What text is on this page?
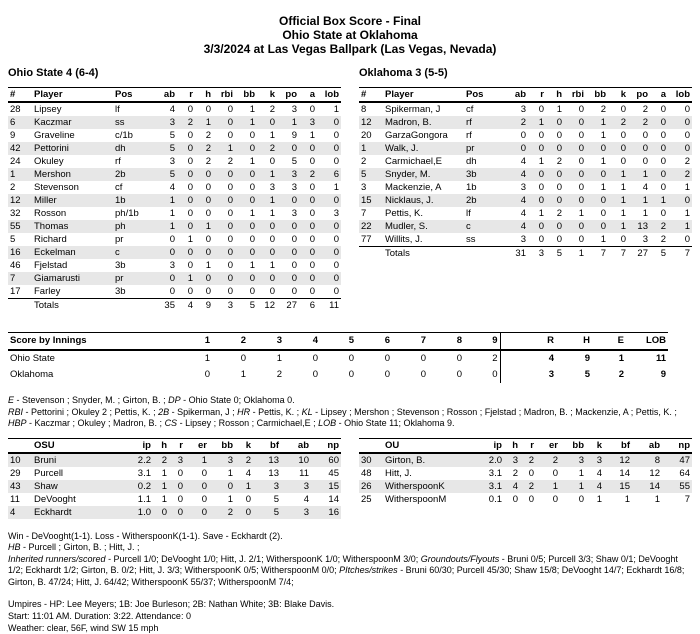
Official Box Score - Final
Ohio State at Oklahoma
3/3/2024 at Las Vegas Ballpark (Las Vegas, Nevada)

Ohio State 4 (6-4)

#	Player	Pos	ab	r	h	rbi	bb	k	po	a	lob
28	Lipsey	lf	4	0	0	0	1	2	3	0	1
6	Kaczmar	ss	3	2	1	0	1	0	1	3	0
9	Graveline	c/1b	5	0	2	0	0	1	9	1	0
42	Pettorini	dh	5	0	2	1	0	2	0	0	0
24	Okuley	rf	3	0	2	2	1	0	5	0	0
1	Mershon	2b	5	0	0	0	0	1	3	2	6
2	Stevenson	cf	4	0	0	0	0	3	3	0	1
12	Miller	1b	1	0	0	0	0	1	0	0	0
32	Rosson	ph/1b	1	0	0	0	1	1	3	0	3
55	Thomas	ph	1	0	1	0	0	0	0	0	0
5	Richard	pr	0	1	0	0	0	0	0	0	0
16	Eckelman	c	0	0	0	0	0	0	0	0	0
46	Fjelstad	3b	3	0	1	0	1	1	0	0	0
7	Giamarusti	pr	0	1	0	0	0	0	0	0	0
17	Farley	3b	0	0	0	0	0	0	0	0	0
	Totals		35	4	9	3	5	12	27	6	11

Oklahoma 3 (5-5)

#	Player	Pos	ab	r	h	rbi	bb	k	po	a	lob
8	Spikerman, J	cf	3	0	1	0	2	0	2	0	0
12	Madron, B.	rf	2	1	0	0	1	2	2	0	0
20	GarzaGongora	rf	0	0	0	0	1	0	0	0	0
1	Walk, J.	pr	0	0	0	0	0	0	0	0	0
2	Carmichael,E	dh	4	1	2	0	1	0	0	0	2
5	Snyder, M.	3b	4	0	0	0	0	1	1	0	2
3	Mackenzie, A	1b	3	0	0	0	1	1	4	0	1
15	Nicklaus, J.	2b	4	0	0	0	0	1	1	1	0
7	Pettis, K.	lf	4	1	2	1	0	1	1	0	1
22	Mudler, S.	c	4	0	0	0	0	1	13	2	1
77	Willits, J.	ss	3	0	0	0	1	0	3	2	0
	Totals		31	3	5	1	7	7	27	5	7
Score by Innings	1	2	3	4	5	6	7	8	9	R	H	E	LOB
Ohio State	1	0	1	0	0	0	0	0	2	4	9	1	11
Oklahoma	0	1	2	0	0	0	0	0	0	3	5	2	9

E - Stevenson ; Snyder, M. ; Girton, B. ; DP - Ohio State 0; Oklahoma 0.

RBI - Pettorini ; Okuley 2 ; Pettis, K. ; 2B - Spikerman, J ; HR - Pettis, K. ; KL - Lipsey ; Mershon ; Stevenson ; Rosson ; Fjelstad ; Madron, B. ; Mackenzie, A ; Pettis, K. ; HBP - Kaczmar ; Okuley ; Madron, B. ; CS - Lipsey ; Rosson ; Carmichael,E ; LOB - Ohio State 11; Oklahoma 9.

	OSU	ip	h	r	er	bb	k	bf	ab	np
10	Bruni	2.2	2	3	1	3	2	13	10	60
29	Purcell	3.1	1	0	0	1	4	13	11	45
43	Shaw	0.2	1	0	0	0	1	3	3	15
11	DeVooght	1.1	1	0	0	1	0	5	4	14
4	Eckhardt	1.0	0	0	0	2	0	5	3	16
	OU	ip	h	r	er	bb	k	bf	ab	np
30	Girton, B.	2.0	3	2	2	3	3	12	8	47
48	Hitt, J.	3.1	2	0	0	1	4	14	12	64
26	WitherspoonK	3.1	4	2	1	1	4	15	14	55
25	WitherspoonM	0.1	0	0	0	0	1	1	1	7

Win - DeVooght(1-1). Loss - WitherspoonK(1-1). Save - Eckhardt (2).

HB - Purcell ; Girton, B. ; Hitt, J. ;

Inherited runners/scored - Purcell 1/0; DeVooght 1/0; Hitt, J. 2/1; WitherspoonK 1/0; WitherspoonM 3/0; Groundouts/Flyouts - Bruni 0/5; Purcell 3/3; Shaw 0/1; DeVooght 1/2; Eckhardt 1/2; Girton, B. 0/2; Hitt, J. 3/3; WitherspoonK 0/5; WitherspoonM 0/0; PItches/strikes - Bruni 60/30; Purcell 45/30; Shaw 15/8; DeVooght 14/7; Eckhardt 16/8; Girton, B. 47/24; Hitt, J. 64/42; WitherspoonK 55/37; WitherspoonM 7/4;

Umpires - HP: Lee Meyers; 1B: Joe Burleson; 2B: Nathan White; 3B: Blake Davis.

Start: 11:01 AM. Duration: 3:22. Attendance: 0

Weather: clear, 56F, wind SW 15 mph
